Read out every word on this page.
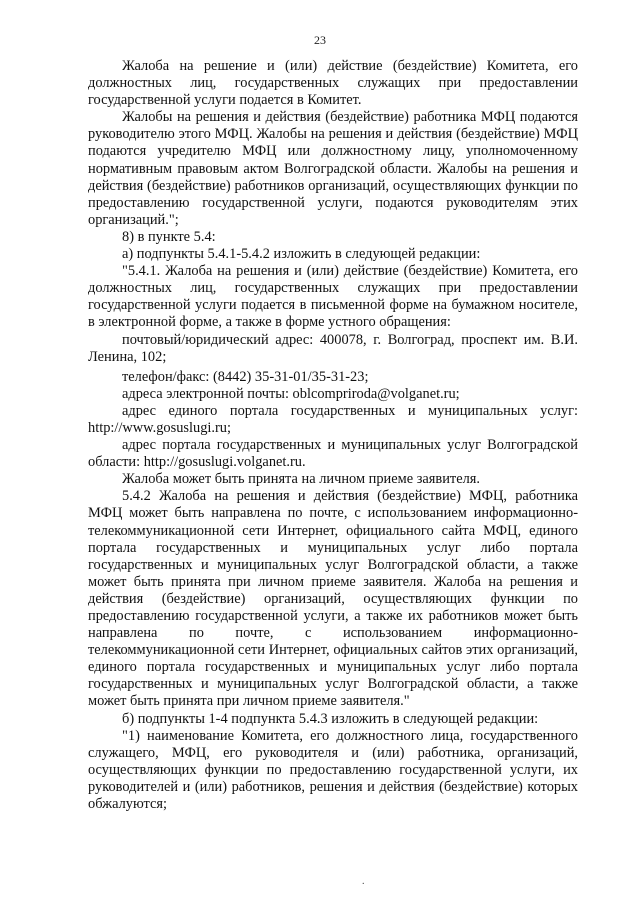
23

Жалоба на решение и (или) действие (бездействие) Комитета, его должностных лиц, государственных служащих при предоставлении государственной услуги подается в Комитет.

Жалобы на решения и действия (бездействие) работника МФЦ подаются руководителю этого МФЦ. Жалобы на решения и действия (бездействие) МФЦ подаются учредителю МФЦ или должностному лицу, уполномоченному нормативным правовым актом Волгоградской области. Жалобы на решения и действия (бездействие) работников организаций, осуществляющих функции по предоставлению государственной услуги, подаются руководителям этих организаций.";

8) в пункте 5.4:

а) подпункты 5.4.1-5.4.2 изложить в следующей редакции:

"5.4.1. Жалоба на решения и (или) действие (бездействие) Комитета, его должностных лиц, государственных служащих при предоставлении государственной услуги подается в письменной форме на бумажном носителе, в электронной форме, а также в форме устного обращения:

почтовый/юридический адрес: 400078, г. Волгоград, проспект им. В.И. Ленина, 102;

телефон/факс: (8442) 35-31-01/35-31-23;

адреса электронной почты: oblcompriroda@volganet.ru;

адрес единого портала государственных и муниципальных услуг: http://www.gosuslugi.ru;

адрес портала государственных и муниципальных услуг Волгоградской области: http://gosuslugi.volganet.ru.

Жалоба может быть принята на личном приеме заявителя.

5.4.2 Жалоба на решения и действия (бездействие) МФЦ, работника МФЦ может быть направлена по почте, с использованием информационно-телекоммуникационной сети Интернет, официального сайта МФЦ, единого портала государственных и муниципальных услуг либо портала государственных и муниципальных услуг Волгоградской области, а также может быть принята при личном приеме заявителя. Жалоба на решения и действия (бездействие) организаций, осуществляющих функции по предоставлению государственной услуги, а также их работников может быть направлена по почте, с использованием информационно-телекоммуникационной сети Интернет, официальных сайтов этих организаций, единого портала государственных и муниципальных услуг либо портала государственных и муниципальных услуг Волгоградской области, а также может быть принята при личном приеме заявителя."

б) подпункты 1-4 подпункта 5.4.3 изложить в следующей редакции:

"1) наименование Комитета, его должностного лица, государственного служащего, МФЦ, его руководителя и (или) работника, организаций, осуществляющих функции по предоставлению государственной услуги, их руководителей и (или) работников, решения и действия (бездействие) которых обжалуются;

.
